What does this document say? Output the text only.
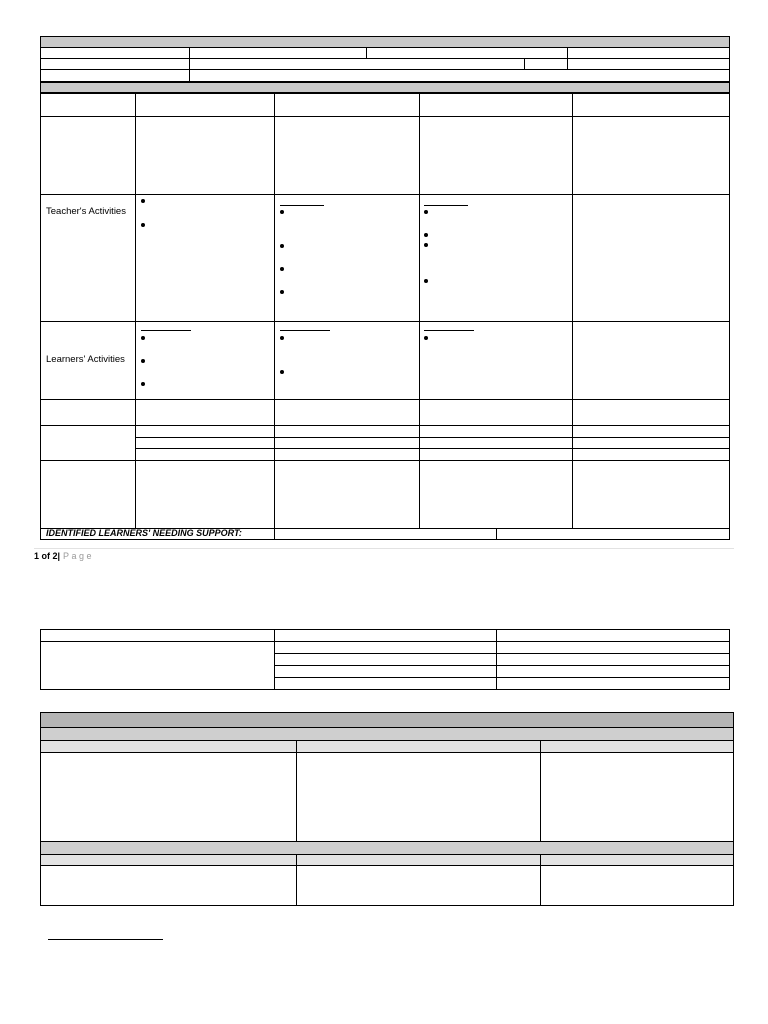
Teacher's Activities
Learners' Activities
IDENTIFIED LEARNERS' NEEDING SUPPORT:
1 of 2| Page
